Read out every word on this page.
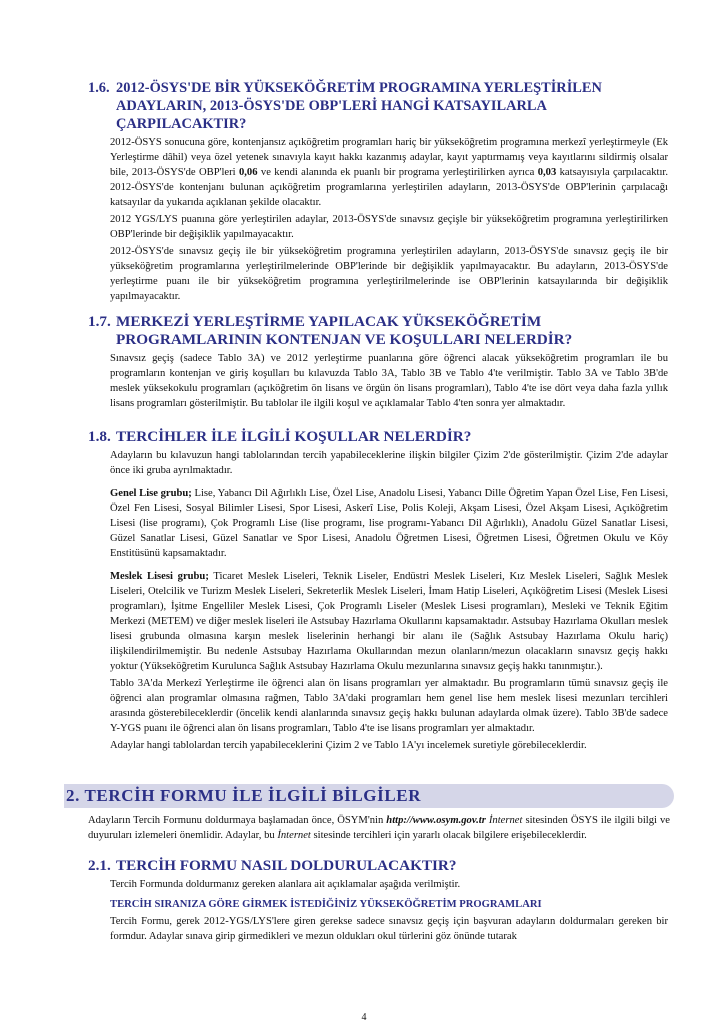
1.6. 2012-ÖSYS'DE BİR YÜKSEKÖĞRETİM PROGRAMINA YERLEŞTİRİLEN
ADAYLARIN, 2013-ÖSYS'DE OBP'LERİ HANGİ KATSAYILARLA
ÇARPILACAKTIR?
2012-ÖSYS sonucuna göre, kontenjansız açıköğretim programları hariç bir yükseköğretim programına merkezî yerleştirmeyle (Ek Yerleştirme dâhil) veya özel yetenek sınavıyla kayıt hakkı kazanmış adaylar, kayıt yaptırmamış veya kayıtlarını sildirmiş olsalar bile, 2013-ÖSYS'de OBP'leri 0,06 ve kendi alanında ek puanlı bir programa yerleştirilirken ayrıca 0,03 katsayısıyla çarpılacaktır. 2012-ÖSYS'de kontenjanı bulunan açıköğretim programlarına yerleştirilen adayların, 2013-ÖSYS'de OBP'lerinin çarpılacağı katsayılar da yukarıda açıklanan şekilde olacaktır.
2012 YGS/LYS puanına göre yerleştirilen adaylar, 2013-ÖSYS'de sınavsız geçişle bir yükseköğretim programına yerleştirilirken OBP'lerinde bir değişiklik yapılmayacaktır.
2012-ÖSYS'de sınavsız geçiş ile bir yükseköğretim programına yerleştirilen adayların, 2013-ÖSYS'de sınavsız geçiş ile bir yükseköğretim programlarına yerleştirilmelerinde OBP'lerinde bir değişiklik yapılmayacaktır. Bu adayların, 2013-ÖSYS'de yerleştirme puanı ile bir yükseköğretim programına yerleştirilmelerinde ise OBP'lerinin katsayılarında bir değişiklik yapılmayacaktır.
1.7. MERKEZİ YERLEŞTİRME YAPILACAK YÜKSEKÖĞRETİM
PROGRAMLARININ KONTENJAN VE KOŞULLARI NELERDİR?
Sınavsız geçiş (sadece Tablo 3A) ve 2012 yerleştirme puanlarına göre öğrenci alacak yükseköğretim programları ile bu programların kontenjan ve giriş koşulları bu kılavuzda Tablo 3A, Tablo 3B ve Tablo 4'te verilmiştir. Tablo 3A ve Tablo 3B'de meslek yüksekokulu programları (açıköğretim ön lisans ve örgün ön lisans programları), Tablo 4'te ise dört veya daha fazla yıllık lisans programları gösterilmiştir. Bu tablolar ile ilgili koşul ve açıklamalar Tablo 4'ten sonra yer almaktadır.
1.8. TERCİHLER İLE İLGİLİ KOŞULLAR NELERDİR?
Adayların bu kılavuzun hangi tablolarından tercih yapabileceklerine ilişkin bilgiler Çizim 2'de gösterilmiştir. Çizim 2'de adaylar önce iki gruba ayrılmaktadır.
Genel Lise grubu; Lise, Yabancı Dil Ağırlıklı Lise, Özel Lise, Anadolu Lisesi, Yabancı Dille Öğretim Yapan Özel Lise, Fen Lisesi, Özel Fen Lisesi, Sosyal Bilimler Lisesi, Spor Lisesi, Askerî Lise, Polis Koleji, Akşam Lisesi, Özel Akşam Lisesi, Açıköğretim Lisesi (lise programı), Çok Programlı Lise (lise programı, lise programı-Yabancı Dil Ağırlıklı), Anadolu Güzel Sanatlar Lisesi, Güzel Sanatlar Lisesi, Güzel Sanatlar ve Spor Lisesi, Anadolu Öğretmen Lisesi, Öğretmen Lisesi, Öğretmen Okulu ve Köy Enstitüsünü kapsamaktadır.
Meslek Lisesi grubu; Ticaret Meslek Liseleri, Teknik Liseler, Endüstri Meslek Liseleri, Kız Meslek Liseleri, Sağlık Meslek Liseleri, Otelcilik ve Turizm Meslek Liseleri, Sekreterlik Meslek Liseleri, İmam Hatip Liseleri, Açıköğretim Lisesi (Meslek Lisesi programları), İşitme Engelliler Meslek Lisesi, Çok Programlı Liseler (Meslek Lisesi programları), Mesleki ve Teknik Eğitim Merkezi (METEM) ve diğer meslek liseleri ile Astsubay Hazırlama Okullarını kapsamaktadır. Astsubay Hazırlama Okulları meslek lisesi grubunda olmasına karşın meslek liselerinin herhangi bir alanı ile (Sağlık Astsubay Hazırlama Okulu hariç) ilişkilendirilmemiştir. Bu nedenle Astsubay Hazırlama Okullarından mezun olanların/mezun olacakların sınavsız geçiş hakkı yoktur (Yükseköğretim Kurulunca Sağlık Astsubay Hazırlama Okulu mezunlarına sınavsız geçiş hakkı tanınmıştır.).
Tablo 3A'da Merkezî Yerleştirme ile öğrenci alan ön lisans programları yer almaktadır. Bu programların tümü sınavsız geçiş ile öğrenci alan programlar olmasına rağmen, Tablo 3A'daki programları hem genel lise hem meslek lisesi mezunları tercihleri arasında gösterebileceklerdir (öncelik kendi alanlarında sınavsız geçiş hakkı bulunan adaylarda olmak üzere). Tablo 3B'de sadece Y-YGS puanı ile öğrenci alan ön lisans programları, Tablo 4'te ise lisans programları yer almaktadır.
Adaylar hangi tablolardan tercih yapabileceklerini Çizim 2 ve Tablo 1A'yı incelemek suretiyle görebileceklerdir.
2. TERCİH FORMU İLE İLGİLİ BİLGİLER
Adayların Tercih Formunu doldurmaya başlamadan önce, ÖSYM'nin http://www.osym.gov.tr İnternet sitesinden ÖSYS ile ilgili bilgi ve duyuruları izlemeleri önemlidir. Adaylar, bu İnternet sitesinde tercihleri için yararlı olacak bilgilere erişebileceklerdir.
2.1. TERCİH FORMU NASIL DOLDURULACAKTIR?
Tercih Formunda doldurmanız gereken alanlara ait açıklamalar aşağıda verilmiştir.
TERCİH SIRANIZA GÖRE GİRMEK İSTEDİĞİNİZ YÜKSEKÖĞRETİM PROGRAMLARI
Tercih Formu, gerek 2012-YGS/LYS'lere giren gerekse sadece sınavsız geçiş için başvuran adayların doldurmaları gereken bir formdur. Adaylar sınava girip girmedikleri ve mezun oldukları okul türlerini göz önünde tutarak
4
